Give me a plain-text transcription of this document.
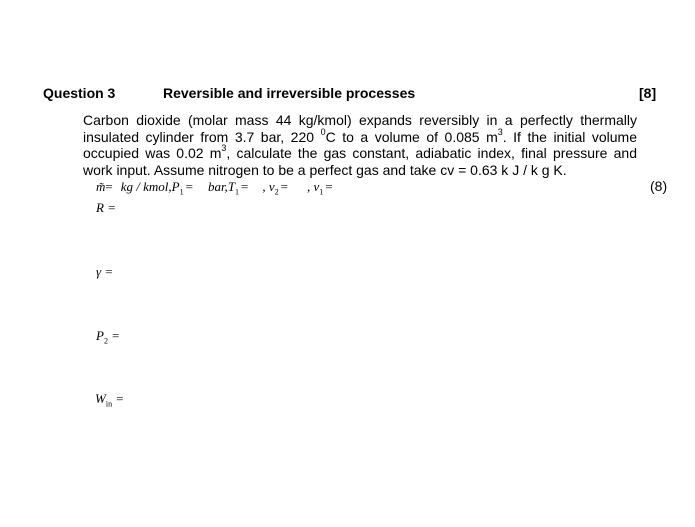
Question 3	Reversible and irreversible processes	[8]
Carbon dioxide (molar mass 44 kg/kmol) expands reversibly in a perfectly thermally insulated cylinder from 3.7 bar, 220 $^0$C to a volume of 0.085 $m^3$. If the initial volume occupied was 0.02 $m^3$, calculate the gas constant, adiabatic index, final pressure and work input. Assume nitrogen to be a perfect gas and take cv = 0.63 k J / k g K.
m̃= kg / $kmol,P_1 = bar,T_1$ = , $v_2$ = , $v_1$ =	(8)
R =
γ =
$P_2$ =
$W_{in}$ =
